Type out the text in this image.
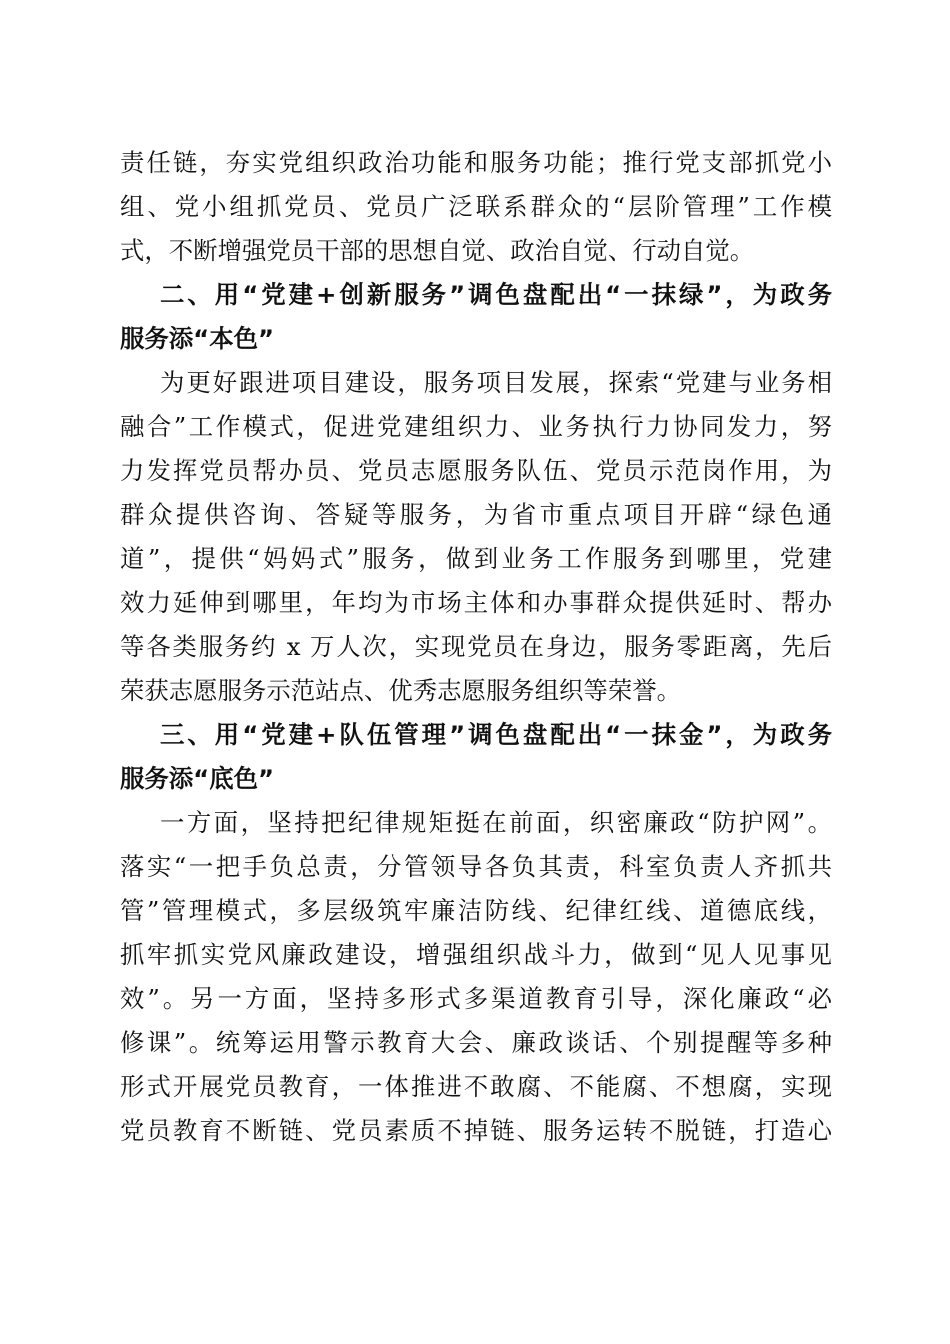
责任链，夯实党组织政治功能和服务功能；推行党支部抓党小
组、党小组抓党员、党员广泛联系群众的“层阶管理”工作模
式，不断增强党员干部的思想自觉、政治自觉、行动自觉。
二、用“党建+创新服务”调色盘配出“一抹绿”，为政务
服务添“本色”
为更好跟进项目建设，服务项目发展，探索“党建与业务相
融合”工作模式，促进党建组织力、业务执行力协同发力，努
力发挥党员帮办员、党员志愿服务队伍、党员示范岗作用，为
群众提供咨询、答疑等服务，为省市重点项目开辟“绿色通
道”，提供“妈妈式”服务，做到业务工作服务到哪里，党建
效力延伸到哪里，年均为市场主体和办事群众提供延时、帮办
等各类服务约 x 万人次，实现党员在身边，服务零距离，先后
荣获志愿服务示范站点、优秀志愿服务组织等荣誉。
三、用“党建+队伍管理”调色盘配出“一抹金”，为政务
服务添“底色”
一方面，坚持把纪律规矩挺在前面，织密廉政“防护网”。
落实“一把手负总责，分管领导各负其责，科室负责人齐抓共
管”管理模式，多层级筑牢廉洁防线、纪律红线、道德底线，
抓牢抓实党风廉政建设，增强组织战斗力，做到“见人见事见
效”。另一方面，坚持多形式多渠道教育引导，深化廉政“必
修课”。统筹运用警示教育大会、廉政谈话、个别提醒等多种
形式开展党员教育，一体推进不敢腐、不能腐、不想腐，实现
党员教育不断链、党员素质不掉链、服务运转不脱链，打造心
